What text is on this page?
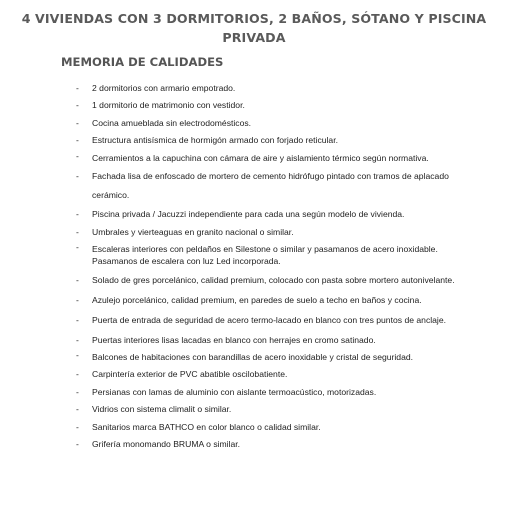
4 VIVIENDAS CON 3 DORMITORIOS, 2 BAÑOS, SÓTANO Y PISCINA PRIVADA
MEMORIA DE CALIDADES
- 2 dormitorios con armario empotrado.
- 1 dormitorio de matrimonio con vestidor.
- Cocina amueblada sin electrodomésticos.
- Estructura antisísmica de hormigón armado con forjado reticular.
- Cerramientos a la capuchina con cámara de aire y aislamiento térmico según normativa.
- Fachada lisa de enfoscado de mortero de cemento hidrófugo pintado con tramos de aplacado cerámico.
- Piscina privada / Jacuzzi independiente para cada una según modelo de vivienda.
- Umbrales y vierteaguas en granito nacional o similar.
- Escaleras interiores con peldaños en Silestone o similar y pasamanos de acero inoxidable. Pasamanos de escalera con luz Led incorporada.
- Solado de gres porcelánico, calidad premium, colocado con pasta sobre mortero autonivelante.
- Azulejo porcelánico, calidad premium, en paredes de suelo a techo en baños y cocina.
- Puerta de entrada de seguridad de acero termo-lacado en blanco con tres puntos de anclaje.
- Puertas interiores lisas lacadas en blanco con herrajes en cromo satinado.
- Balcones de habitaciones con barandillas de acero inoxidable y cristal de seguridad.
- Carpintería exterior de PVC abatible oscilobatiente.
- Persianas con lamas de aluminio con aislante termoacústico, motorizadas.
- Vidrios con sistema climalit o similar.
- Sanitarios marca BATHCO en color blanco o calidad similar.
- Grifería monomando BRUMA o similar.
